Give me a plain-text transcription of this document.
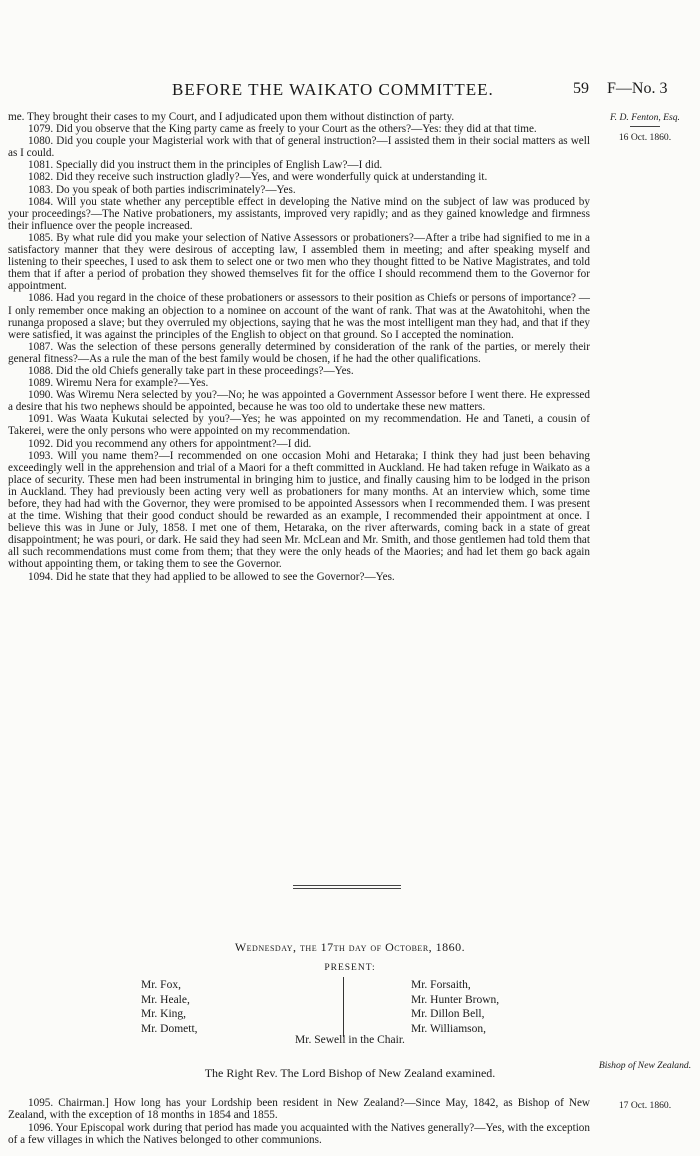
BEFORE THE WAIKATO COMMITTEE.	59 F—No. 3
F. D. Fenton, Esq.
16 Oct. 1860.

me. They brought their cases to my Court, and I adjudicated upon them without distinction of party.

1079. Did you observe that the King party came as freely to your Court as the others?—Yes: they did at that time.

1080. Did you couple your Magisterial work with that of general instruction?—I assisted them in their social matters as well as I could.

1081. Specially did you instruct them in the principles of English Law?—I did.

1082. Did they receive such instruction gladly?—Yes, and were wonderfully quick at understanding it.

1083. Do you speak of both parties indiscriminately?—Yes.

1084. Will you state whether any perceptible effect in developing the Native mind on the subject of law was produced by your proceedings?—The Native probationers, my assistants, improved very rapidly; and as they gained knowledge and firmness their influence over the people increased.

1085. By what rule did you make your selection of Native Assessors or probationers?—After a tribe had signified to me in a satisfactory manner that they were desirous of accepting law, I assembled them in meeting; and after speaking myself and listening to their speeches, I used to ask them to select one or two men who they thought fitted to be Native Magistrates, and told them that if after a period of probation they showed themselves fit for the office I should recommend them to the Governor for appointment.

1086. Had you regard in the choice of these probationers or assessors to their position as Chiefs or persons of importance? —I only remember once making an objection to a nominee on account of the want of rank. That was at the Awatohitohi, when the runanga proposed a slave; but they overruled my objections, saying that he was the most intelligent man they had, and that if they were satisfied, it was against the principles of the English to object on that ground. So I accepted the nomination.

1087. Was the selection of these persons generally determined by consideration of the rank of the parties, or merely their general fitness?—As a rule the man of the best family would be chosen, if he had the other qualifications.

1088. Did the old Chiefs generally take part in these proceedings?—Yes.

1089. Wiremu Nera for example?—Yes.

1090. Was Wiremu Nera selected by you?—No; he was appointed a Government Assessor before I went there. He expressed a desire that his two nephews should be appointed, because he was too old to undertake these new matters.

1091. Was Waata Kukutai selected by you?—Yes; he was appointed on my recommendation. He and Taneti, a cousin of Takerei, were the only persons who were appointed on my recommendation.

1092. Did you recommend any others for appointment?—I did.

1093. Will you name them?—I recommended on one occasion Mohi and Hetaraka; I think they had just been behaving exceedingly well in the apprehension and trial of a Maori for a theft committed in Auckland. He had taken refuge in Waikato as a place of security. These men had been instrumental in bringing him to justice, and finally causing him to be lodged in the prison in Auckland. They had previously been acting very well as probationers for many months. At an interview which, some time before, they had had with the Governor, they were promised to be appointed Assessors when I recommended them. I was present at the time. Wishing that their good conduct should be rewarded as an example, I recommended their appointment at once. I believe this was in June or July, 1858. I met one of them, Hetaraka, on the river afterwards, coming back in a state of great disappointment; he was pouri, or dark. He said they had seen Mr. McLean and Mr. Smith, and those gentlemen had told them that all such recommendations must come from them; that they were the only heads of the Maories; and had let them go back again without appointing them, or taking them to see the Governor.

1094. Did he state that they had applied to be allowed to see the Governor?—Yes.

Wednesday, the 17th day of October, 1860.
PRESENT:
Mr. Fox,
Mr. Heale,
Mr. King,
Mr. Domett,
Mr. Forsaith,
Mr. Hunter Brown,
Mr. Dillon Bell,
Mr. Williamson,
Mr. Sewell in the Chair.
The Right Rev. The Lord Bishop of New Zealand examined.
Bishop of New Zealand.
17 Oct. 1860.

1095. Chairman.] How long has your Lordship been resident in New Zealand?—Since May, 1842, as Bishop of New Zealand, with the exception of 18 months in 1854 and 1855.

1096. Your Episcopal work during that period has made you acquainted with the Natives generally?—Yes, with the exception of a few villages in which the Natives belonged to other communions.
